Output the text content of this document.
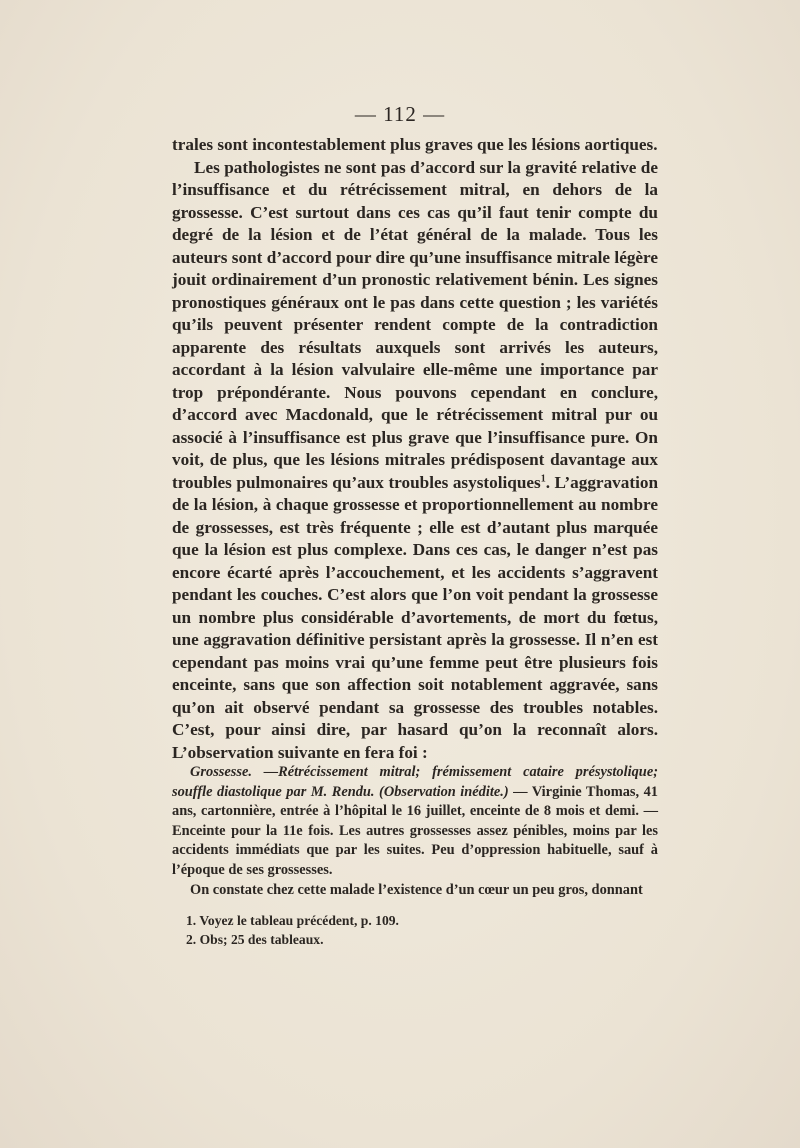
— 112 —

trales sont incontestablement plus graves que les lésions aortiques.

Les pathologistes ne sont pas d’accord sur la gravité relative de l’insuffisance et du rétrécissement mitral, en dehors de la grossesse. C’est surtout dans ces cas qu’il faut tenir compte du degré de la lésion et de l’état général de la malade. Tous les auteurs sont d’accord pour dire qu’une insuffisance mitrale légère jouit ordinairement d’un pronostic relativement bénin. Les signes pronostiques généraux ont le pas dans cette question ; les variétés qu’ils peuvent présenter rendent compte de la contradiction apparente des résultats auxquels sont arrivés les auteurs, accordant à la lésion valvulaire elle-même une importance par trop prépondérante. Nous pouvons cependant en conclure, d’accord avec Macdonald, que le rétrécissement mitral pur ou associé à l’insuffisance est plus grave que l’insuffisance pure. On voit, de plus, que les lésions mitrales prédisposent davantage aux troubles pulmonaires qu’aux troubles asystoliques$^1$. L’aggravation de la lésion, à chaque grossesse et proportionnellement au nombre de grossesses, est très fréquente ; elle est d’autant plus marquée que la lésion est plus complexe. Dans ces cas, le danger n’est pas encore écarté après l’accouchement, et les accidents s’aggravent pendant les couches. C’est alors que l’on voit pendant la grossesse un nombre plus considérable d’avortements, de mort du fœtus, une aggravation définitive persistant après la grossesse. Il n’en est cependant pas moins vrai qu’une femme peut être plusieurs fois enceinte, sans que son affection soit notablement aggravée, sans qu’on ait observé pendant sa grossesse des troubles notables. C’est, pour ainsi dire, par hasard qu’on la reconnaît alors. L’observation suivante en fera foi :

Grossesse. —Rétrécissement mitral; frémissement cataire présystolique; souffle diastolique par M. Rendu. (Observation inédite.) — Virginie Thomas, 41 ans, cartonnière, entrée à l’hôpital le 16 juillet, enceinte de 8 mois et demi. — Enceinte pour la 11e fois. Les autres grossesses assez pénibles, moins par les accidents immédiats que par les suites. Peu d’oppression habituelle, sauf à l’époque de ses grossesses.

On constate chez cette malade l’existence d’un cœur un peu gros, donnant

1. Voyez le tableau précédent, p. 109.
2. Obs; 25 des tableaux.
